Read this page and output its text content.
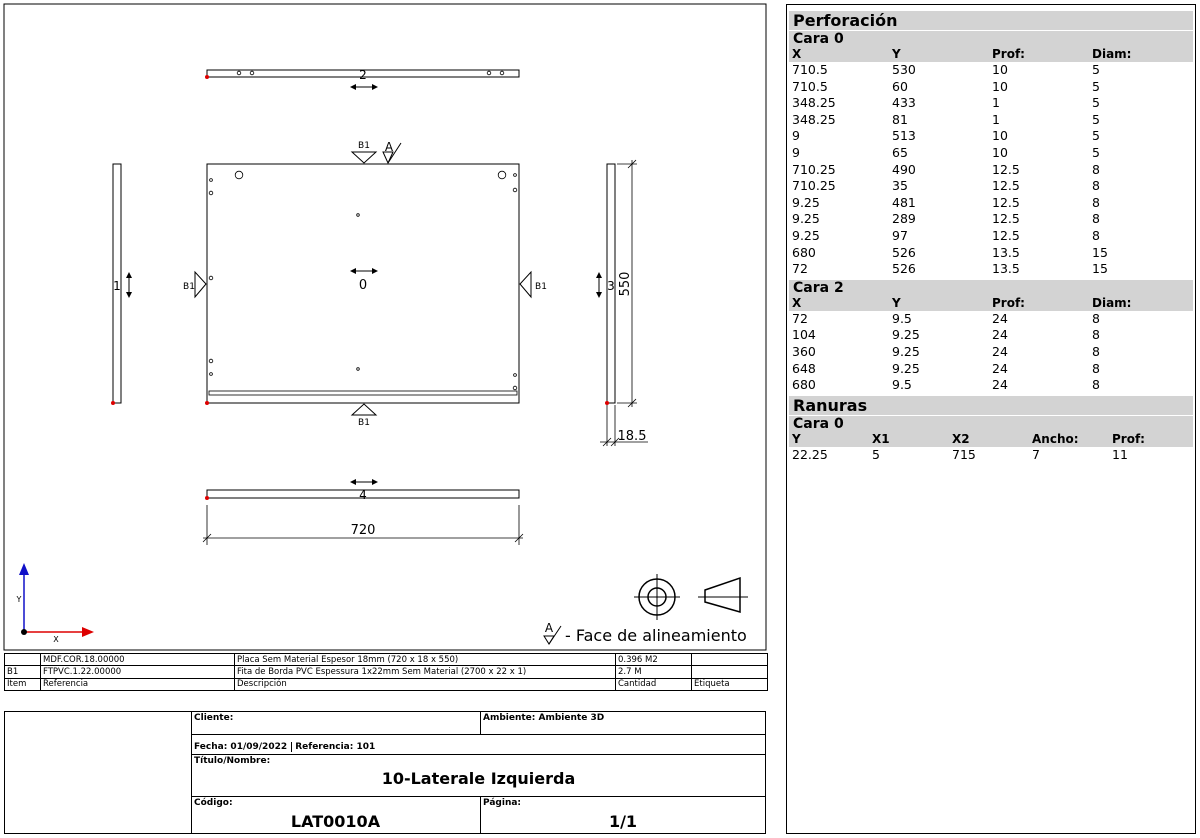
2
0
B1 A
B1
B1	B1
1	3 550
18.5
4
720
Y
X
A - Face de alineamiento
	MDF.COR.18.00000	Placa Sem Material Espesor 18mm (720 x 18 x 550)	0.396 M2	
B1	FTPVC.1.22.00000	Fita de Borda PVC Espessura 1x22mm Sem Material (2700 x 22 x 1)	2.7 M	
Item	Referencia	Descripción	Cantidad	Etiqueta
Cliente:	Ambiente: Ambiente 3D
Fecha: 01/09/2022 Referencia: 101
Título/Nombre:
10-Laterale Izquierda
Código:	Página:
LAT0010A	1/1
Perforación
Cara 0
X	Y	Prof:	Diam:
710.5	530	10	5
710.5	60	10	5
348.25	433	1	5
348.25	81	1	5
9	513	10	5
9	65	10	5
710.25	490	12.5	8
710.25	35	12.5	8
9.25	481	12.5	8
9.25	289	12.5	8
9.25	97	12.5	8
680	526	13.5	15
72	526	13.5	15
Cara 2
X	Y	Prof:	Diam:
72	9.5	24	8
104	9.25	24	8
360	9.25	24	8
648	9.25	24	8
680	9.5	24	8
Ranuras
Cara 0
Y	X1	X2	Ancho:	Prof:
22.25	5	715	7	11
